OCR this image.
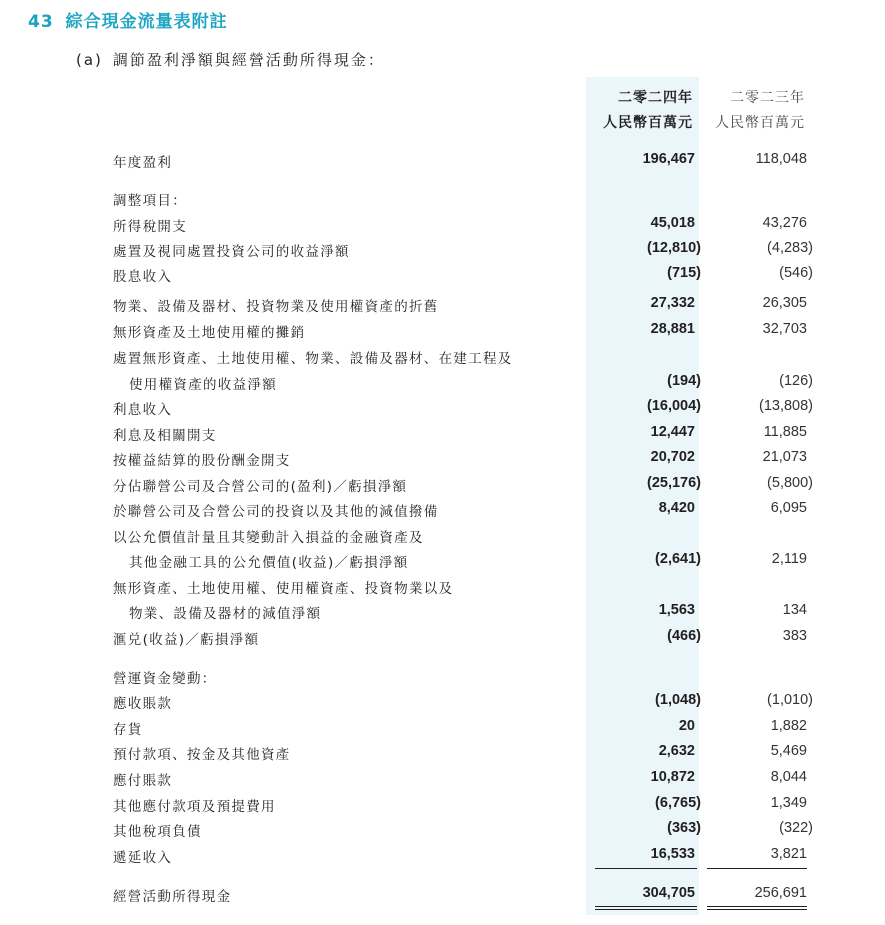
43 綜合現金流量表附註
(a) 調節盈利淨額與經營活動所得現金：
二零二四年
人民幣百萬元
二零二三年
人民幣百萬元
年度盈利	196,467	118,048
調整項目：
所得稅開支	45,018	43,276
處置及視同處置投資公司的收益淨額	(12,810)	(4,283)
股息收入	(715)	(546)
物業、設備及器材、投資物業及使用權資產的折舊	27,332	26,305
無形資產及土地使用權的攤銷	28,881	32,703
處置無形資產、土地使用權、物業、設備及器材、在建工程及
使用權資產的收益淨額	(194)	(126)
利息收入	(16,004)	(13,808)
利息及相關開支	12,447	11,885
按權益結算的股份酬金開支	20,702	21,073
分佔聯營公司及合營公司的(盈利)／虧損淨額	(25,176)	(5,800)
於聯營公司及合營公司的投資以及其他的減值撥備	8,420	6,095
以公允價值計量且其變動計入損益的金融資產及
其他金融工具的公允價值(收益)／虧損淨額	(2,641)	2,119
無形資產、土地使用權、使用權資產、投資物業以及
物業、設備及器材的減值淨額	1,563	134
滙兑(收益)／虧損淨額	(466)	383
營運資金變動：
應收賬款	(1,048)	(1,010)
存貨	20	1,882
預付款項、按金及其他資產	2,632	5,469
應付賬款	10,872	8,044
其他應付款項及預提費用	(6,765)	1,349
其他稅項負債	(363)	(322)
遞延收入	16,533	3,821
經營活動所得現金	304,705	256,691
